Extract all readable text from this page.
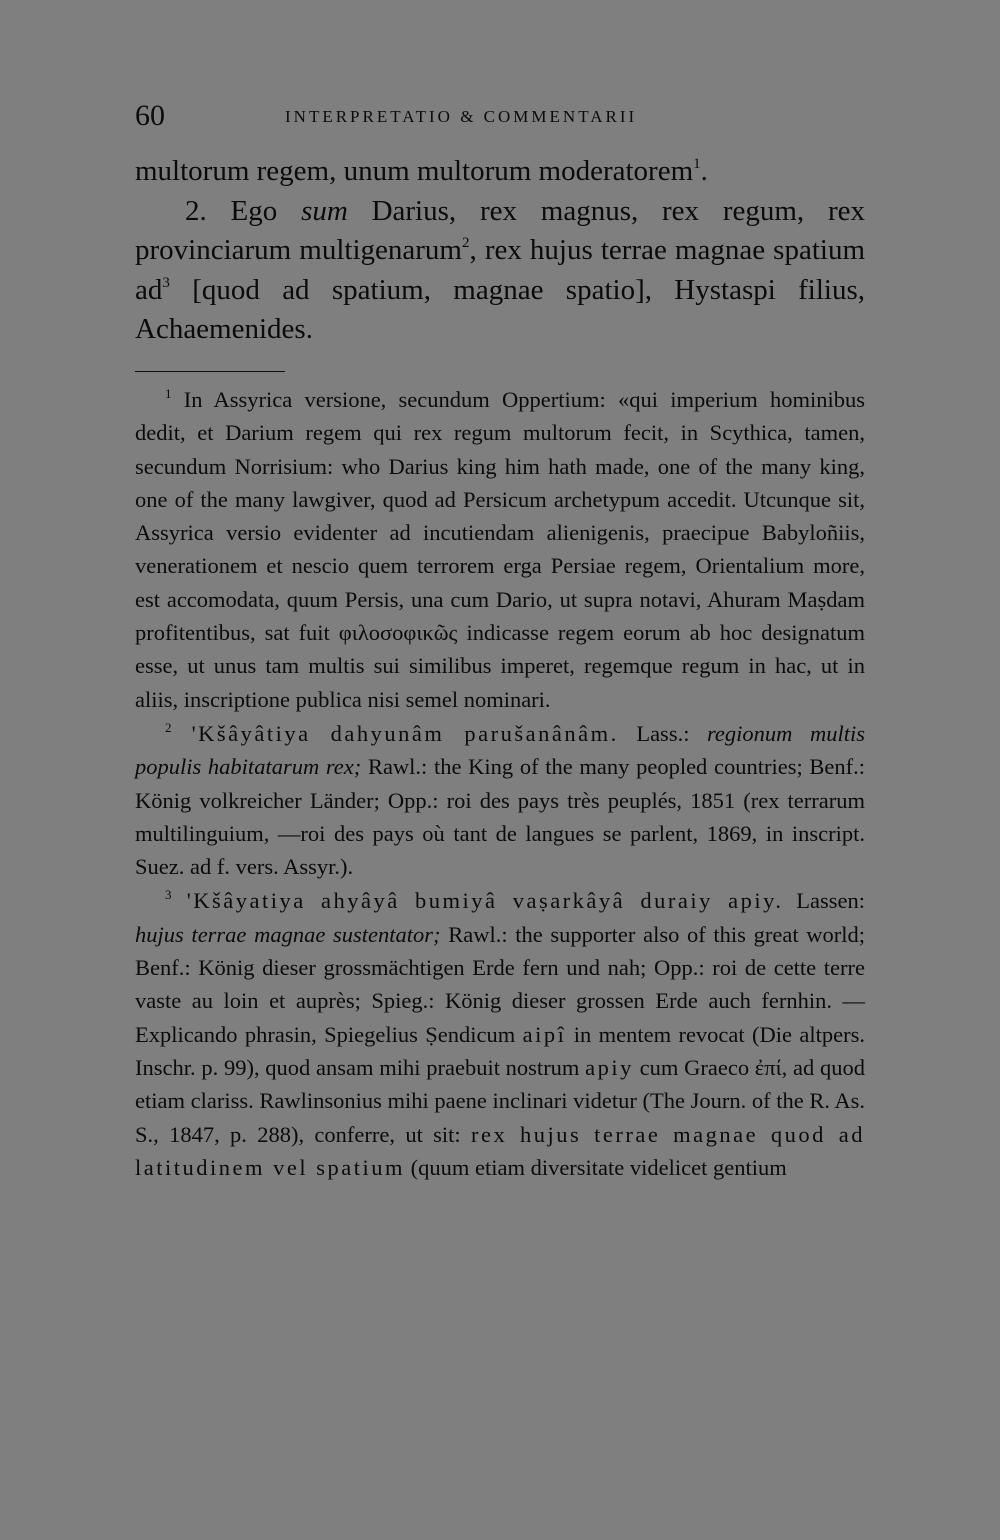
60	INTERPRETATIO & COMMENTARII

multorum regem, unum multorum moderatorem$^1$.

2. Ego sum Darius, rex magnus, rex regum, rex provinciarum multigenarum$^2$, rex hujus terrae magnae spatium $ad^3$ [quod ad spatium, magnae spatio], Hystaspi filius, Achaemenides.

$^1$ In Assyrica versione, secundum Oppertium: «qui imperium hominibus dedit, et Darium regem qui rex regum multorum fecit, in Scythica, tamen, secundum Norrisium: who Darius king him hath made, one of the many king, one of the many lawgiver, quod ad Persicum archetypum accedit. Utcunque sit, Assyrica versio evidenter ad incutiendam alienigenis, praecipue Babyloñiis, venerationem et nescio quem terrorem erga Persiae regem, Orientalium more, est accomodata, quum Persis, una cum Dario, ut supra notavi, Ahuram Maṣdam profitentibus, sat fuit φιλοσοφικῶς indicasse regem eorum ab hoc designatum esse, ut unus tam multis sui similibus imperet, regemque regum in hac, ut in aliis, inscriptione publica nisi semel nominari.

$^2$ 'Kšâyâtiya dahyunâm parušanânâm. Lass.: regionum multis populis habitatarum rex; Rawl.: the King of the many peopled countries; Benf.: König volkreicher Länder; Opp.: roi des pays très peuplés, 1851 (rex terrarum multilinguium, —roi des pays où tant de langues se parlent, 1869, in inscript. Suez. ad f. vers. Assyr.).

$^3$ 'Kšâyatiya ahyâyâ bumiyâ vaṣarkâyâ duraiy apiy. Lassen: hujus terrae magnae sustentator; Rawl.: the supporter also of this great world; Benf.: König dieser grossmächtigen Erde fern und nah; Opp.: roi de cette terre vaste au loin et auprès; Spieg.: König dieser grossen Erde auch fernhin. — Explicando phrasin, Spiegelius Ṣendicum aipî in mentem revocat (Die altpers. Inschr. p. 99), quod ansam mihi praebuit nostrum apiy cum Graeco ἐπί, ad quod etiam clariss. Rawlinsonius mihi paene inclinari videtur (The Journ. of the R. As. S., 1847, p. 288), conferre, ut sit: rex hujus terrae magnae quod ad latitudinem vel spatium (quum etiam diversitate videlicet gentium
